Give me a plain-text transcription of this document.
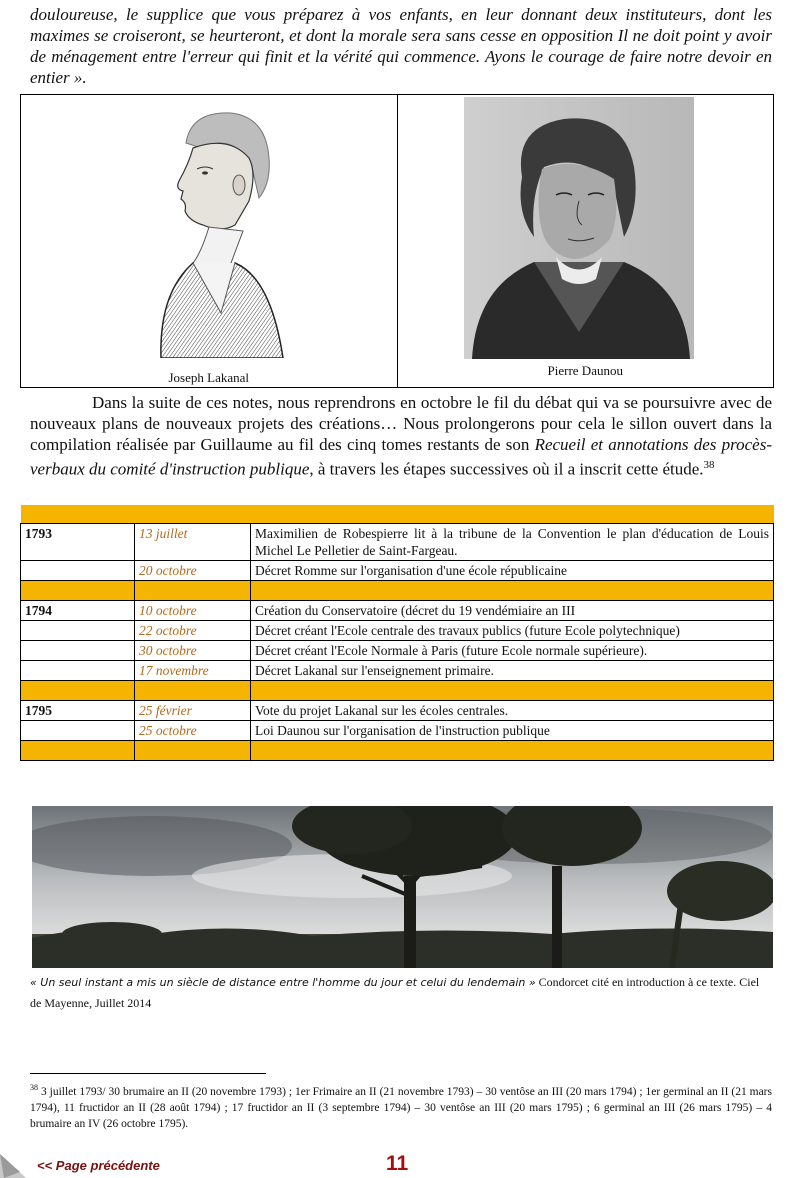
douloureuse, le supplice que vous préparez à vos enfants, en leur donnant deux instituteurs, dont les maximes se croiseront, se heurteront, et dont la morale sera sans cesse en opposition Il ne doit point y avoir de ménagement entre l'erreur qui finit et la vérité qui commence. Ayons le courage de faire notre devoir en entier ».

Joseph Lakanal	Pierre Daunou

Dans la suite de ces notes, nous reprendrons en octobre le fil du débat qui va se poursuivre avec de nouveaux plans de nouveaux projets des créations… Nous prolongerons pour cela le sillon ouvert dans la compilation réalisée par Guillaume au fil des cinq tomes restants de son Recueil et annotations des procès-verbaux du comité d'instruction publique, à travers les étapes successives où il a inscrit cette étude.$^{38}$

1793	13 juillet	Maximilien de Robespierre lit à la tribune de la Convention le plan d'éducation de Louis Michel Le Pelletier de Saint-Fargeau.
	20 octobre	Décret Romme sur l'organisation d'une école républicaine

1794	10 octobre	Création du Conservatoire (décret du 19 vendémiaire an III
	22 octobre	Décret créant l'Ecole centrale des travaux publics (future Ecole polytechnique)
	30 octobre	Décret créant l'Ecole Normale à Paris (future Ecole normale supérieure).
	17 novembre	Décret Lakanal sur l'enseignement primaire.

1795	25 février	Vote du projet Lakanal sur les écoles centrales.
	25 octobre	Loi Daunou sur l'organisation de l'instruction publique

« Un seul instant a mis un siècle de distance entre l'homme du jour et celui du lendemain » Condorcet cité en introduction à ce texte. Ciel de Mayenne, Juillet 2014

$^{38}$ 3 juillet 1793/ 30 brumaire an II (20 novembre 1793) ; 1er Frimaire an II (21 novembre 1793) – 30 ventôse an III (20 mars 1794) ; 1er germinal an II (21 mars 1794), 11 fructidor an II (28 août 1794) ; 17 fructidor an II (3 septembre 1794) – 30 ventôse an III (20 mars 1795) ; 6 germinal an III (26 mars 1795) – 4 brumaire an IV (26 octobre 1795).

<< Page précédente	11
